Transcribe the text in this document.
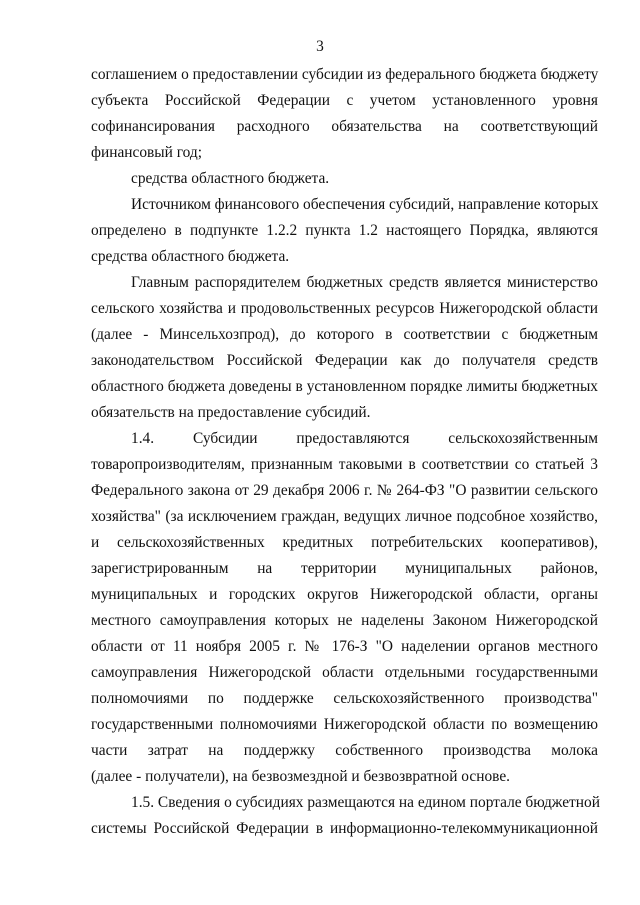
3
соглашением о предоставлении субсидии из федерального бюджета бюджету
субъекта Российской Федерации с учетом установленного уровня
софинансирования расходного обязательства на соответствующий
финансовый год;
средства областного бюджета.
Источником финансового обеспечения субсидий, направление которых
определено в подпункте 1.2.2 пункта 1.2 настоящего Порядка, являются
средства областного бюджета.
Главным распорядителем бюджетных средств является министерство
сельского хозяйства и продовольственных ресурсов Нижегородской области
(далее - Минсельхозпрод), до которого в соответствии с бюджетным
законодательством Российской Федерации как до получателя средств
областного бюджета доведены в установленном порядке лимиты бюджетных
обязательств на предоставление субсидий.
1.4. Субсидии предоставляются сельскохозяйственным
товаропроизводителям, признанным таковыми в соответствии со статьей 3
Федерального закона от 29 декабря 2006 г. № 264-ФЗ "О развитии сельского
хозяйства" (за исключением граждан, ведущих личное подсобное хозяйство,
и сельскохозяйственных кредитных потребительских кооперативов),
зарегистрированным на территории муниципальных районов,
муниципальных и городских округов Нижегородской области, органы
местного самоуправления которых не наделены Законом Нижегородской
области от 11 ноября 2005 г. № 176-З "О наделении органов местного
самоуправления Нижегородской области отдельными государственными
полномочиями по поддержке сельскохозяйственного производства"
государственными полномочиями Нижегородской области по возмещению
части затрат на поддержку собственного производства молока
(далее - получатели), на безвозмездной и безвозвратной основе.
1.5. Сведения о субсидиях размещаются на едином портале бюджетной
системы Российской Федерации в информационно-телекоммуникационной
